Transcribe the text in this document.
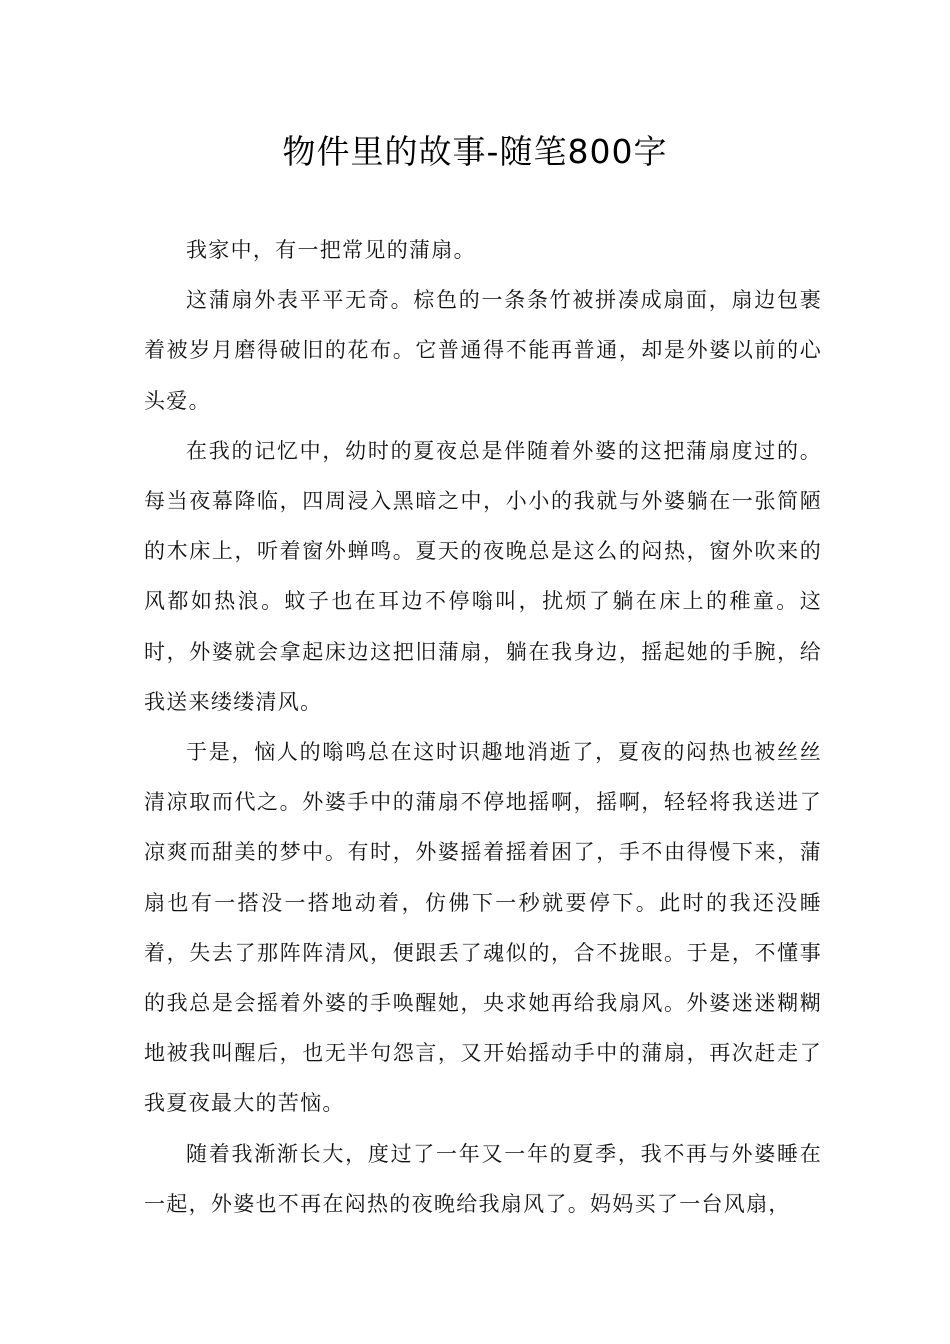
物件里的故事-随笔800字

我家中，有一把常见的蒲扇。

这蒲扇外表平平无奇。棕色的一条条竹被拼凑成扇面，扇边包裹着被岁月磨得破旧的花布。它普通得不能再普通，却是外婆以前的心头爱。

在我的记忆中，幼时的夏夜总是伴随着外婆的这把蒲扇度过的。每当夜幕降临，四周浸入黑暗之中，小小的我就与外婆躺在一张简陋的木床上，听着窗外蝉鸣。夏天的夜晚总是这么的闷热，窗外吹来的风都如热浪。蚊子也在耳边不停嗡叫，扰烦了躺在床上的稚童。这时，外婆就会拿起床边这把旧蒲扇，躺在我身边，摇起她的手腕，给我送来缕缕清风。

于是，恼人的嗡鸣总在这时识趣地消逝了，夏夜的闷热也被丝丝清凉取而代之。外婆手中的蒲扇不停地摇啊，摇啊，轻轻将我送进了凉爽而甜美的梦中。有时，外婆摇着摇着困了，手不由得慢下来，蒲扇也有一搭没一搭地动着，仿佛下一秒就要停下。此时的我还没睡着，失去了那阵阵清风，便跟丢了魂似的，合不拢眼。于是，不懂事的我总是会摇着外婆的手唤醒她，央求她再给我扇风。外婆迷迷糊糊地被我叫醒后，也无半句怨言，又开始摇动手中的蒲扇，再次赶走了我夏夜最大的苦恼。

随着我渐渐长大，度过了一年又一年的夏季，我不再与外婆睡在一起，外婆也不再在闷热的夜晚给我扇风了。妈妈买了一台风扇，
